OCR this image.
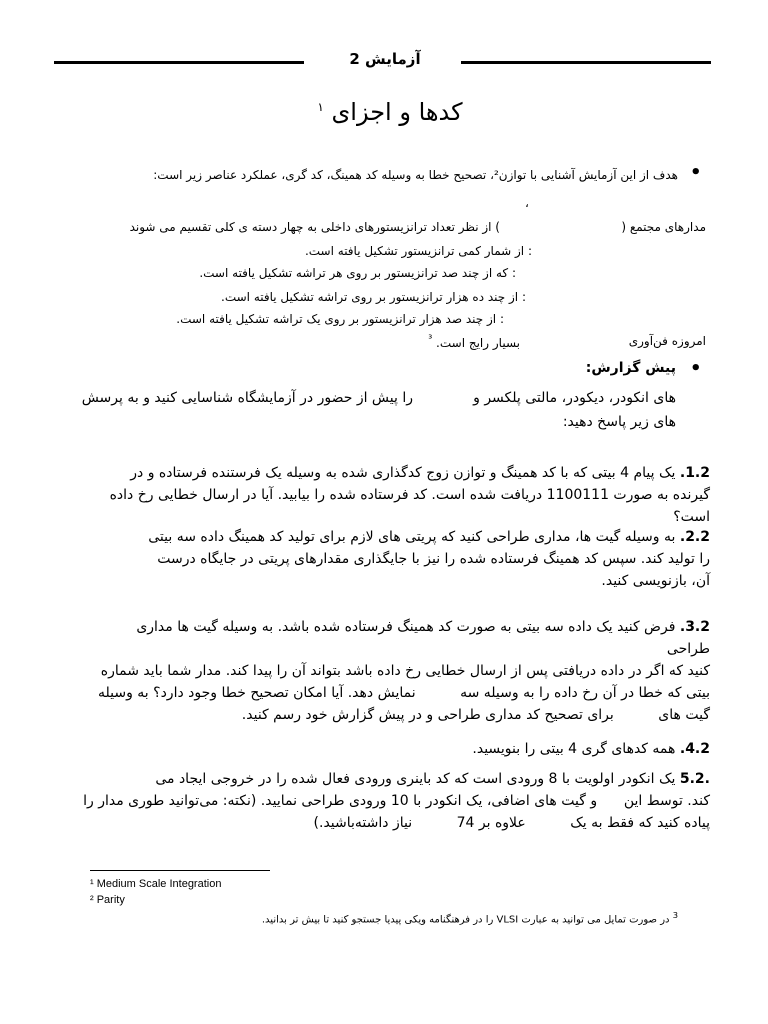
آزمایش 2
کدها و اجزای $^١$
•
هدف از این آزمایش آشنایی با توازن²، تصحیح خطا به وسیله کد همینگ، کد گری، عملکرد عناصر زیر است:
،
مدارهای مجتمع (
) از نظر تعداد ترانزیستورهای داخلی به چهار دسته ی کلی تقسیم می شوند
: از شمار کمی ترانزیستور تشکیل یافته است.
: که از چند صد ترانزیستور بر روی هر تراشه تشکیل یافته است.
: از چند ده هزار ترانزیستور بر روی تراشه تشکیل یافته است.
: از چند صد هزار ترانزیستور بر روی یک تراشه تشکیل یافته است.
امروزه فن‌آوری
بسیار رایج است. $^{^3}$
•
پیش گزارش:
های انکودر، دیکودر، مالتی پلکسر و
را پیش از حضور در آزمایشگاه شناسایی کنید و به پرسش
های زیر پاسخ دهید:
1.2. یک پیام 4 بیتی که با کد همینگ و توازن زوج کدگذاری شده به وسیله یک فرستنده فرستاده و در
گیرنده به صورت 1100111 دریافت شده است. کد فرستاده شده را بیابید. آیا در ارسال خطایی رخ داده است؟
2.2. به وسیله گیت ها، مداری طراحی کنید که پریتی های لازم برای تولید کد همینگ داده سه بیتی
را تولید کند. سپس کد همینگ فرستاده شده را نیز با جایگذاری مقدارهای پریتی در جایگاه درست
آن، بازنویسی کنید.
3.2. فرض کنید یک داده سه بیتی به صورت کد همینگ فرستاده شده باشد. به وسیله گیت ها مداری طراحی
کنید که اگر در داده دریافتی پس از ارسال خطایی رخ داده باشد بتواند آن را پیدا کند. مدار شما باید شماره
بیتی که خطا در آن رخ داده را به وسیله سه          نمایش دهد. آیا امکان تصحیح خطا وجود دارد؟ به وسیله
گیت های          برای تصحیح کد مداری طراحی و در پیش گزارش خود رسم کنید.
4.2. همه کدهای گری 4 بیتی را بنویسید.
.5.2 یک انکودر اولویت با 8 ورودی است که کد باینری ورودی فعال شده را در خروجی ایجاد می
کند. توسط این      و گیت های اضافی، یک انکودر با 10 ورودی طراحی نمایید. (نکته: می‌توانید طوری مدار را
پیاده کنید که فقط به یک          علاوه بر 74          نیاز داشته‌باشید.)
¹ Medium Scale Integration
² Parity
$^3$ در صورت تمایل می توانید به عبارت VLSI را در فرهنگنامه ویکی پیدیا جستجو کنید تا بیش تر بدانید.
